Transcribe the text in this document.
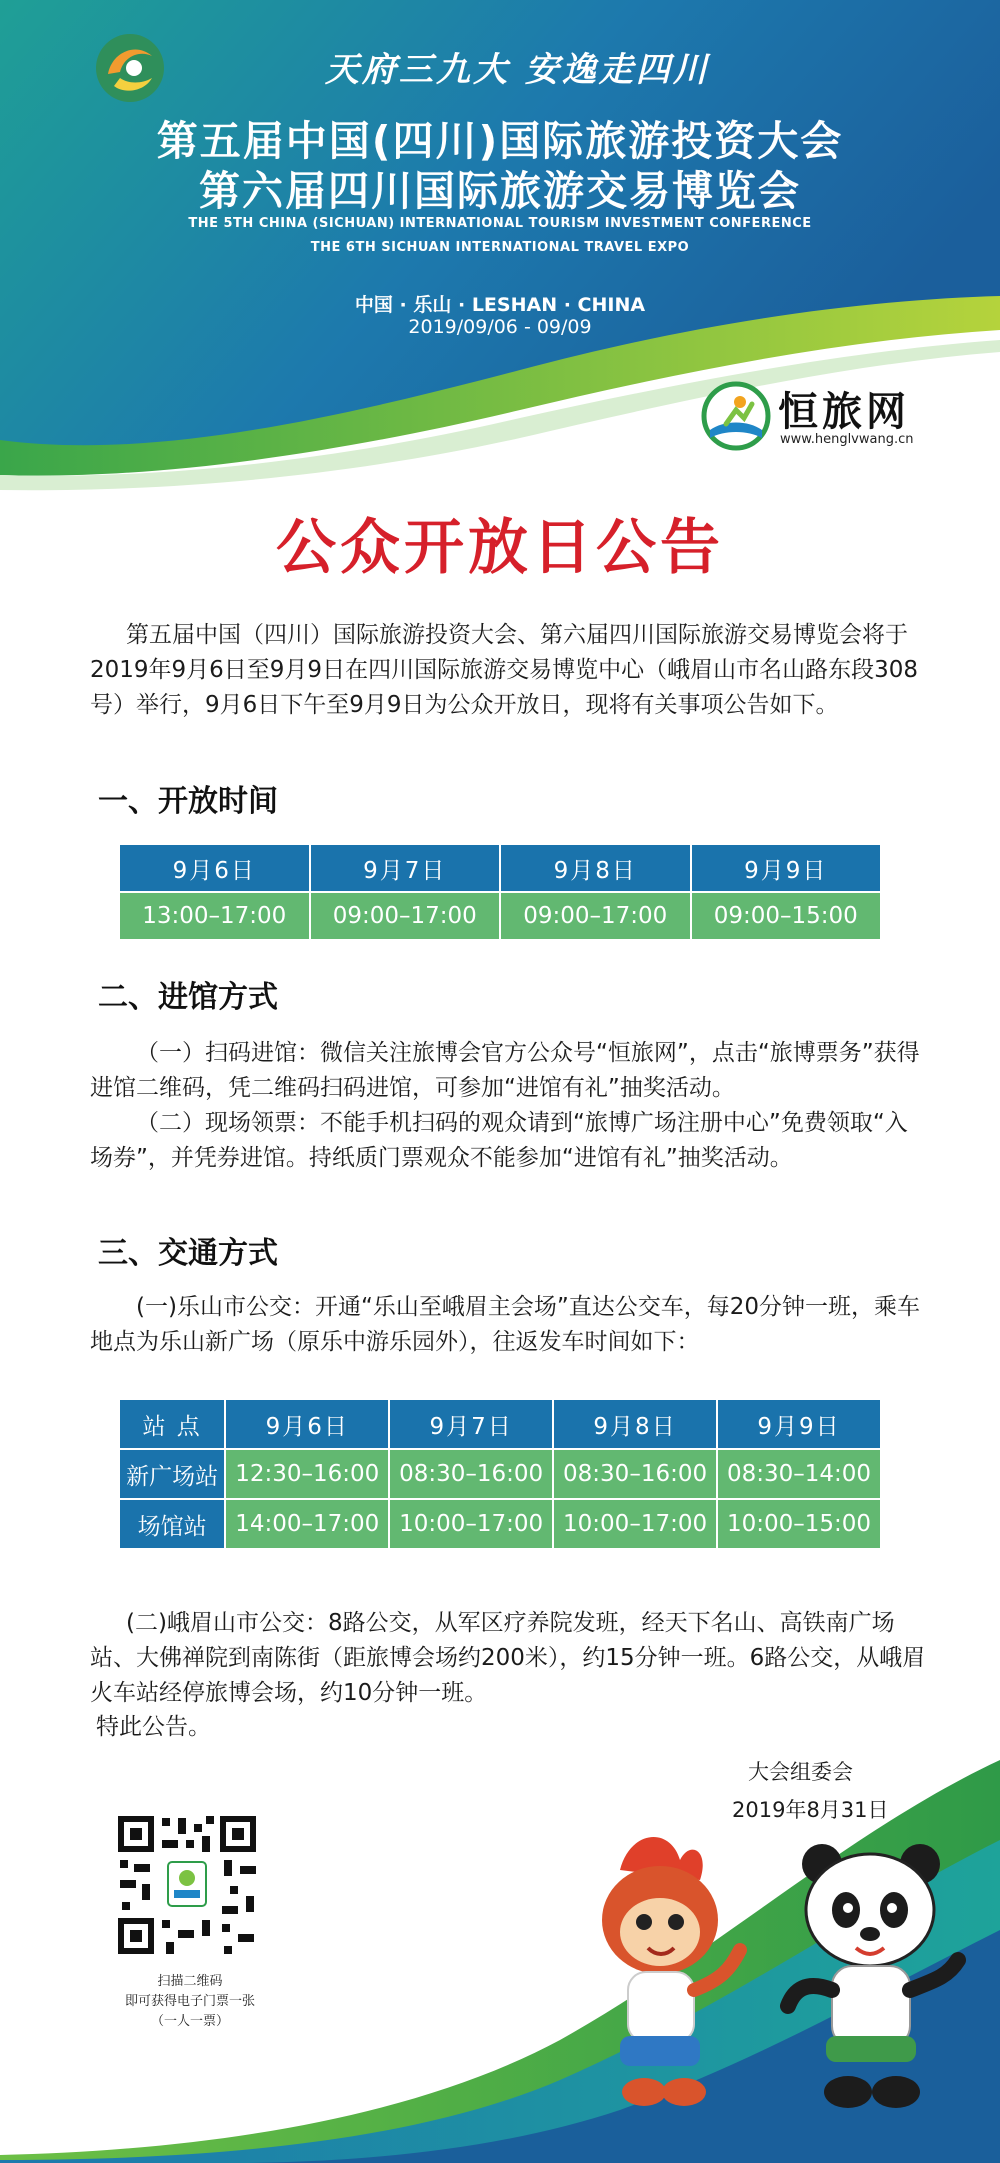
天府三九大 安逸走四川
第五届中国(四川)国际旅游投资大会
第六届四川国际旅游交易博览会
THE 5TH CHINA (SICHUAN) INTERNATIONAL TOURISM INVESTMENT CONFERENCE
THE 6TH SICHUAN INTERNATIONAL TRAVEL EXPO
中国 · 乐山 · LESHAN · CHINA
2019/09/06 - 09/09
恒旅网
www.henglvwang.cn
公众开放日公告
第五届中国（四川）国际旅游投资大会、第六届四川国际旅游交易博览会将于2019年9月6日至9月9日在四川国际旅游交易博览中心（峨眉山市名山路东段308号）举行，9月6日下午至9月9日为公众开放日，现将有关事项公告如下。
一、开放时间
9月6日	9月7日	9月8日	9月9日
13:00–17:00	09:00–17:00	09:00–17:00	09:00–15:00
二、进馆方式
（一）扫码进馆：微信关注旅博会官方公众号“恒旅网”，点击“旅博票务”获得进馆二维码，凭二维码扫码进馆，可参加“进馆有礼”抽奖活动。
（二）现场领票：不能手机扫码的观众请到“旅博广场注册中心”免费领取“入场券”，并凭券进馆。持纸质门票观众不能参加“进馆有礼”抽奖活动。
三、交通方式
(一)乐山市公交：开通“乐山至峨眉主会场”直达公交车，每20分钟一班，乘车地点为乐山新广场（原乐中游乐园外），往返发车时间如下：
站 点	9月6日	9月7日	9月8日	9月9日
新广场站	12:30–16:00	08:30–16:00	08:30–16:00	08:30–14:00
场馆站	14:00–17:00	10:00–17:00	10:00–17:00	10:00–15:00
(二)峨眉山市公交：8路公交，从军区疗养院发班，经天下名山、高铁南广场站、大佛禅院到南陈街（距旅博会场约200米），约15分钟一班。6路公交，从峨眉火车站经停旅博会场，约10分钟一班。
特此公告。
大会组委会
2019年8月31日
扫描二维码
即可获得电子门票一张
（一人一票）
